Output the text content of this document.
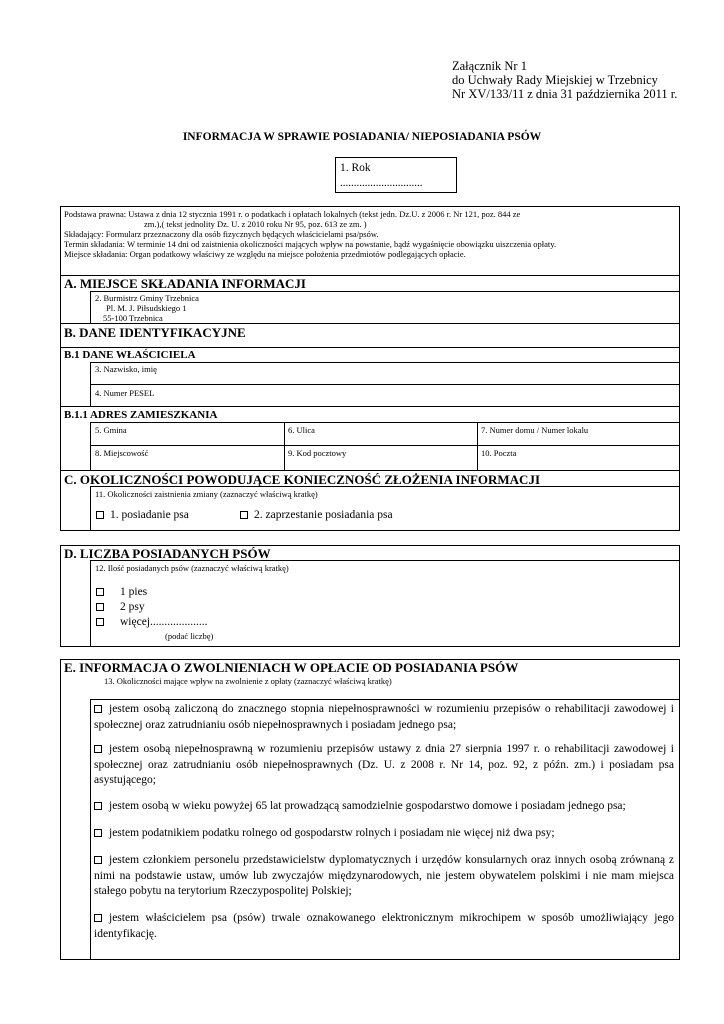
Załącznik Nr 1
do Uchwały Rady Miejskiej w Trzebnicy
Nr XV/133/11 z dnia 31 października 2011 r.
INFORMACJA W SPRAWIE POSIADANIA/ NIEPOSIADANIA PSÓW
1. Rok
..............................
Podstawa prawna: Ustawa z dnia 12 stycznia 1991 r. o podatkach i opłatach lokalnych (tekst jedn. Dz.U. z 2006 r. Nr 121, poz. 844 ze
zm.),( tekst jednolity Dz. U. z 2010 roku Nr 95, poz. 613 ze zm. )
Składający: Formularz przeznaczony dla osób fizycznych będących właścicielami psa/psów.
Termin składania: W terminie 14 dni od zaistnienia okoliczności mających wpływ na powstanie, bądź wygaśnięcie obowiązku uiszczenia opłaty.
Miejsce składania: Organ podatkowy właściwy ze względu na miejsce położenia przedmiotów podlegających opłacie.
A. MIEJSCE SKŁADANIA INFORMACJI
2. Burmistrz Gminy Trzebnica
Pl. M. J. Piłsudskiego 1
55-100 Trzebnica
B. DANE IDENTYFIKACYJNE
B.1 DANE WŁAŚCICIELA
3. Nazwisko, imię
4. Numer PESEL
B.1.1 ADRES ZAMIESZKANIA
5. Gmina	6. Ulica	7. Numer domu / Numer lokalu
8. Miejscowość	9. Kod pocztowy	10. Poczta
C. OKOLICZNOŚCI POWODUJĄCE KONIECZNOŚĆ ZŁOŻENIA INFORMACJI
11. Okoliczności zaistnienia zmiany (zaznaczyć właściwą kratkę)
1. posiadanie psa	2. zaprzestanie posiadania psa
D. LICZBA POSIADANYCH PSÓW
12. Ilość posiadanych psów (zaznaczyć właściwą kratkę)
1 pies
2 psy
więcej....................
(podać liczbę)
E. INFORMACJA O ZWOLNIENIACH W OPŁACIE OD POSIADANIA PSÓW
13. Okoliczności mające wpływ na zwolnienie z opłaty (zaznaczyć właściwą kratkę)
jestem osobą zaliczoną do znacznego stopnia niepełnosprawności w rozumieniu przepisów o rehabilitacji zawodowej i społecznej oraz zatrudnianiu osób niepełnosprawnych i posiadam jednego psa;
jestem osobą niepełnosprawną w rozumieniu przepisów ustawy z dnia 27 sierpnia 1997 r. o rehabilitacji zawodowej i społecznej oraz zatrudnianiu osób niepełnosprawnych (Dz. U. z 2008 r. Nr 14, poz. 92, z późn. zm.) i posiadam psa asystującego;
jestem osobą w wieku powyżej 65 lat prowadzącą samodzielnie gospodarstwo domowe i posiadam jednego psa;
jestem podatnikiem podatku rolnego od gospodarstw rolnych i posiadam nie więcej niż dwa psy;
jestem członkiem personelu przedstawicielstw dyplomatycznych i urzędów konsularnych oraz innych osobą zrównaną z nimi na podstawie ustaw, umów lub zwyczajów międzynarodowych, nie jestem obywatelem polskimi i nie mam miejsca stałego pobytu na terytorium Rzeczypospolitej Polskiej;
jestem właścicielem psa (psów) trwale oznakowanego elektronicznym mikrochipem w sposób umożliwiający jego identyfikację.
